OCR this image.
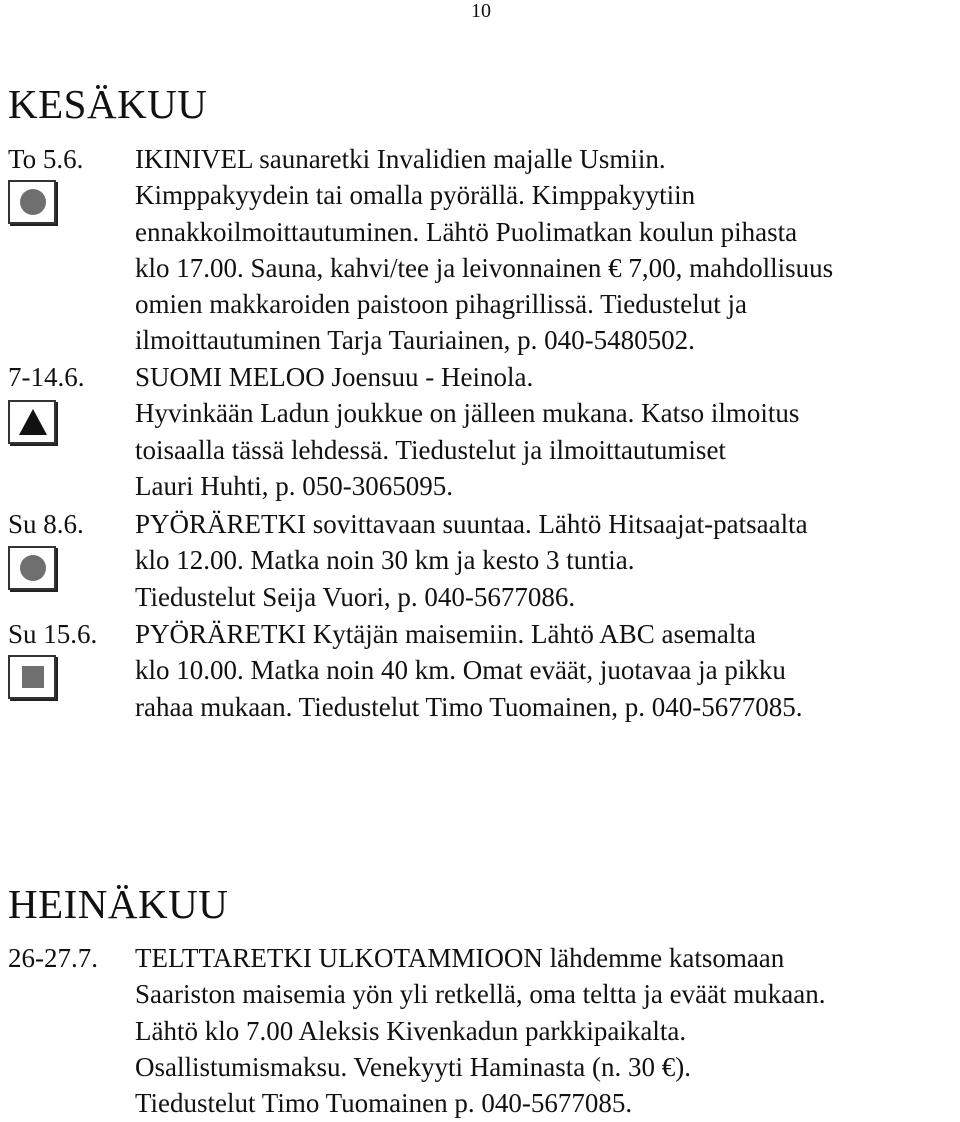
10
KESÄKUU
To 5.6. IKINIVEL saunaretki Invalidien majalle Usmiin.
Kimppakyydein tai omalla pyörällä. Kimppakyytiin
ennakkoilmoittautuminen. Lähtö Puolimatkan koulun pihasta
klo 17.00. Sauna, kahvi/tee ja leivonnainen € 7,00, mahdollisuus
omien makkaroiden paistoon pihagrillissä. Tiedustelut ja
ilmoittautuminen Tarja Tauriainen, p. 040-5480502.
7-14.6. SUOMI MELOO Joensuu - Heinola.
Hyvinkään Ladun joukkue on jälleen mukana. Katso ilmoitus
toisaalla tässä lehdessä. Tiedustelut ja ilmoittautumiset
Lauri Huhti, p. 050-3065095.
Su 8.6. PYÖRÄRETKI sovittavaan suuntaa. Lähtö Hitsaajat-patsaalta
klo 12.00. Matka noin 30 km ja kesto 3 tuntia.
Tiedustelut Seija Vuori, p. 040-5677086.
Su 15.6. PYÖRÄRETKI Kytäjän maisemiin. Lähtö ABC asemalta
klo 10.00. Matka noin 40 km. Omat eväät, juotavaa ja pikku
rahaa mukaan. Tiedustelut Timo Tuomainen, p. 040-5677085.
HEINÄKUU
26-27.7. TELTTARETKI ULKOTAMMIOON lähdemme katsomaan
Saariston maisemia yön yli retkellä, oma teltta ja eväät mukaan.
Lähtö klo 7.00 Aleksis Kivenkadun parkkipaikalta.
Osallistumismaksu. Venekyyti Haminasta (n. 30 €).
Tiedustelut Timo Tuomainen p. 040-5677085.
